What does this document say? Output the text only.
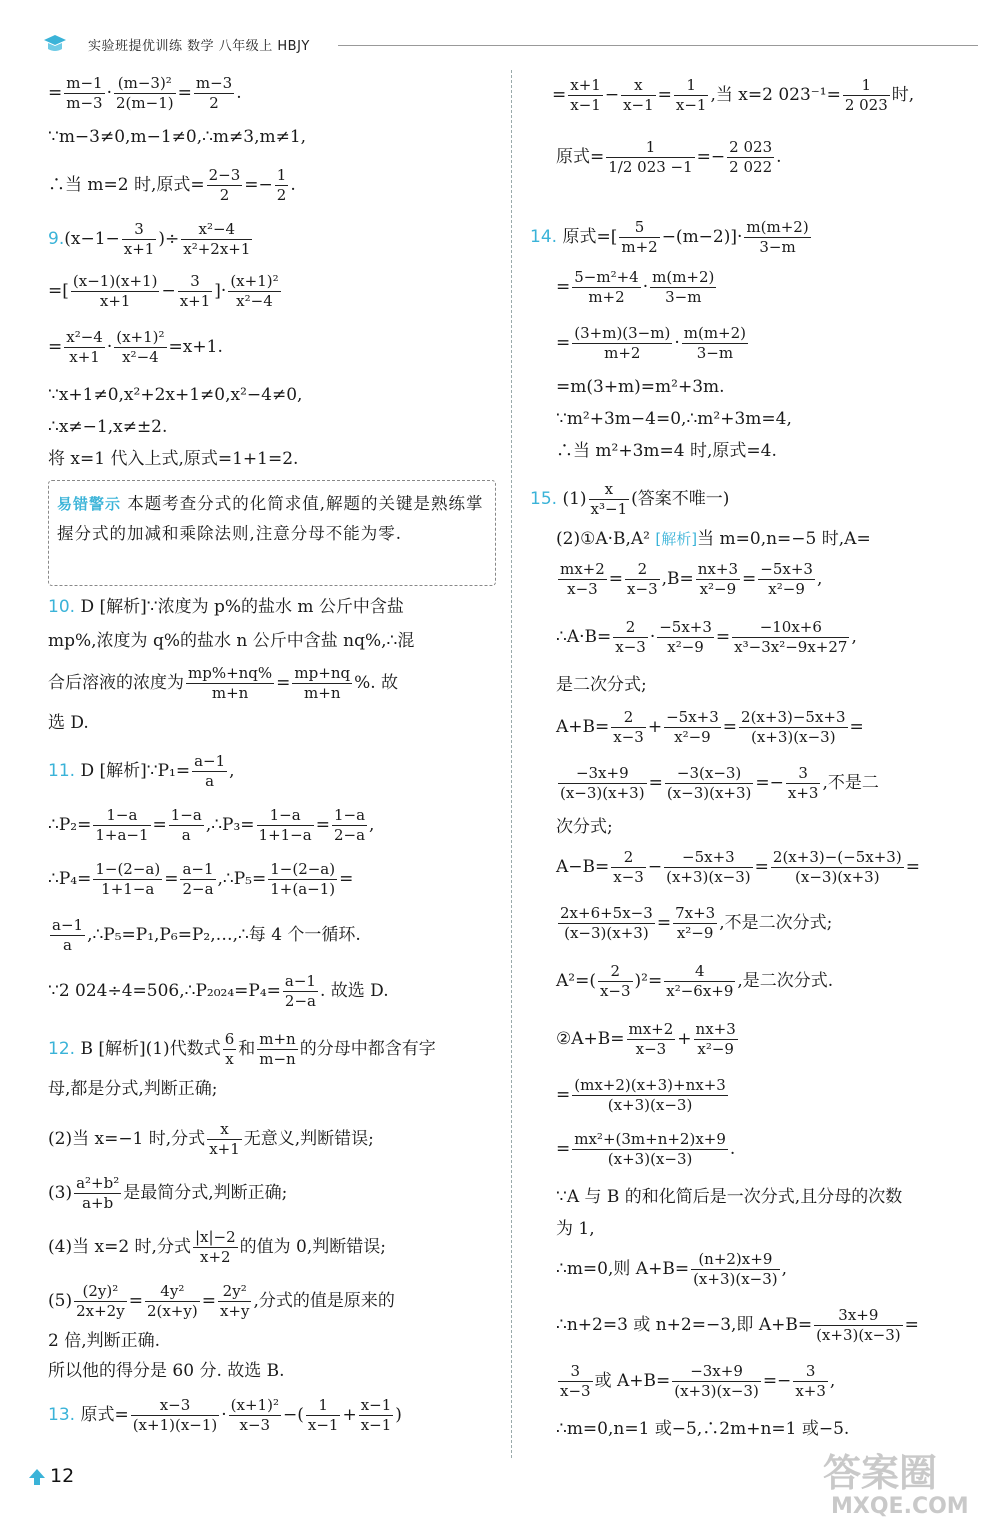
实验班提优训练 数学 八年级上 HBJY
= $\frac{m-1}{m-3} \cdot \frac{\text{(m−3)²}}{2(m-1)} = \frac{m-3}{2}$ .
∵m−3≠0,m−1≠0,∴m≠3,m≠1,
∴当 m=2 时,原式= $\frac{2-3}{2} =- \frac{1}{2}$ .
$9.(x-1- \frac{3}{x+1}$ )÷ $\frac{\text{x²−4}}{\text{x²+2x+1}}$
=[ $\frac{(x-1)(x+1)}{x+1} - \frac{3}{x+1}$ ]· $\frac{\text{(x+1)²}}{\text{x²−4}}$
= $\frac{\text{x²−4}}{x+1} \cdot \frac{\text{(x+1)²}}{\text{x²−4}} =x+1$.
∵x+1≠0,x²+2x+1≠0,x²−4≠0,
∴x≠−1,x≠±2.
将 x=1 代入上式,原式=1+1=2.
易错警示 本题考查分式的化简求值,解题的关键是熟练掌握分式的加减和乘除法则,注意分母不能为零.
10. D [解析]∵浓度为 p%的盐水 m 公斤中含盐
mp%,浓度为 q%的盐水 n 公斤中含盐 nq%,∴混
合后溶液的浓度为 $\frac{mp\%+nq\%}{m+n} = \frac{mp+nq}{m+n}$ %. 故
选 D.
11. D [解析]∵P₁= $\frac{a-1}{a}$ ,
∴P₂= $\frac{1-a}{1+a-1} = \frac{1-a}{a}$ ,∴P₃= $\frac{1-a}{1+1-a} = \frac{1-a}{2-a}$ ,
∴P₄= $\frac{1-(2-a)}{1+1-a} = \frac{a-1}{2-a}$ ,∴P₅= $\frac{1-(2-a)}{1+(a-1)}$ =
$\frac{a-1}{a}$ ,∴P₅=P₁,P₆=P₂,…,∴每 4 个一循环.
∵2 024÷4=506,∴P₂₀₂₄=P₄= $\frac{a-1}{2-a}$ . 故选 D.
12. B [解析](1)代数式 $\frac{6}{x}$ 和 $\frac{m+n}{m-n}$ 的分母中都含有字
母,都是分式,判断正确;
(2)当 x=−1 时,分式 $\frac{x}{x+1}$ 无意义,判断错误;
$(3) \frac{\text{a²+b²}}{a+b}$ 是最简分式,判断正确;
(4)当 x=2 时,分式 $\frac{|x|-2}{x+2}$ 的值为 0,判断错误;
$(5) \frac{\text{(2y)²}}{2x+2y} = \frac{\text{4y²}}{2(x+y)} = \frac{\text{2y²}}{x+y}$ ,分式的值是原来的
2 倍,判断正确.
所以他的得分是 60 分. 故选 B.
13. 原式= $\frac{x-3}{(x+1)(x-1)} \cdot \frac{\text{(x+1)²}}{x-3}$ −( $\frac{1}{x-1} + \frac{x-1}{x-1}$ )
= $\frac{x+1}{x-1} - \frac{x}{x-1} = \frac{1}{x-1}$ ,当 x=2 $023^{-1}= \frac{1}{2 023}$ 时,
原式= $\frac{1}{1/2 023 -1} =- \frac{2 023}{2 022}$ .
14. 原式=[ $\frac{5}{m+2} -(m-2)]\cdot \frac{m(m+2)}{3-m}$
= $\frac{\text{5−m²+4}}{m+2} \cdot \frac{m(m+2)}{3-m}$
= $\frac{(3+m)(3-m)}{m+2} \cdot \frac{m(m+2)}{3-m}$
=m(3+m)=m²+3m.
∵m²+3m−4=0,∴m²+3m=4,
∴当 m²+3m=4 时,原式=4.
15. $(1) \frac{x}{\text{x³−1}}$ (答案不唯一)
(2)①A·B,A² [解析]当 m=0,n=−5 时,A=
$\frac{mx+2}{x-3} = \frac{2}{x-3} ,B= \frac{nx+3}{\text{x²−9}} = \frac{-5x+3}{\text{x²−9}}$ ,
∴A·B= $\frac{2}{x-3} \cdot \frac{-5x+3}{\text{x²−9}} = \frac{-10x+6}{\text{x³−3x²−9x+27}}$ ,
是二次分式;
$A+B= \frac{2}{x-3} + \frac{-5x+3}{\text{x²−9}} = \frac{2(x+3)-5x+3}{(x+3)(x-3)}$ =
$\frac{-3x+9}{(x-3)(x+3)} = \frac{-3(x-3)}{(x-3)(x+3)} =- \frac{3}{x+3}$ ,不是二
次分式;
$A-B= \frac{2}{x-3} - \frac{-5x+3}{(x+3)(x-3)} = \frac{2(x+3)-(-5x+3)}{(x-3)(x+3)}$ =
$\frac{2x+6+5x-3}{(x-3)(x+3)} = \frac{7x+3}{\text{x²−9}}$ ,不是二次分式;
$A^2=( \frac{2}{x-3} )^2= \frac{4}{\text{x²−6x+9}}$ ,是二次分式.
②A+B= $\frac{mx+2}{x-3} + \frac{nx+3}{\text{x²−9}}$
= $\frac{(mx+2)(x+3)+nx+3}{(x+3)(x-3)}$
= $\frac{\text{mx²+(3m+n+2)x+9}}{(x+3)(x-3)}$ .
∵A 与 B 的和化简后是一次分式,且分母的次数
为 1,
∴m=0,则 $A+B= \frac{(n+2)x+9}{(x+3)(x-3)}$ ,
∴n+2=3 或 n+2=−3,即 $A+B= \frac{3x+9}{(x+3)(x-3)}$ =
$\frac{3}{x-3}$ 或 $A+B= \frac{-3x+9}{(x+3)(x-3)} =- \frac{3}{x+3}$ ,
∴m=0,n=1 或−5,∴2m+n=1 或−5.
12	答案圈
MXQE.COM
